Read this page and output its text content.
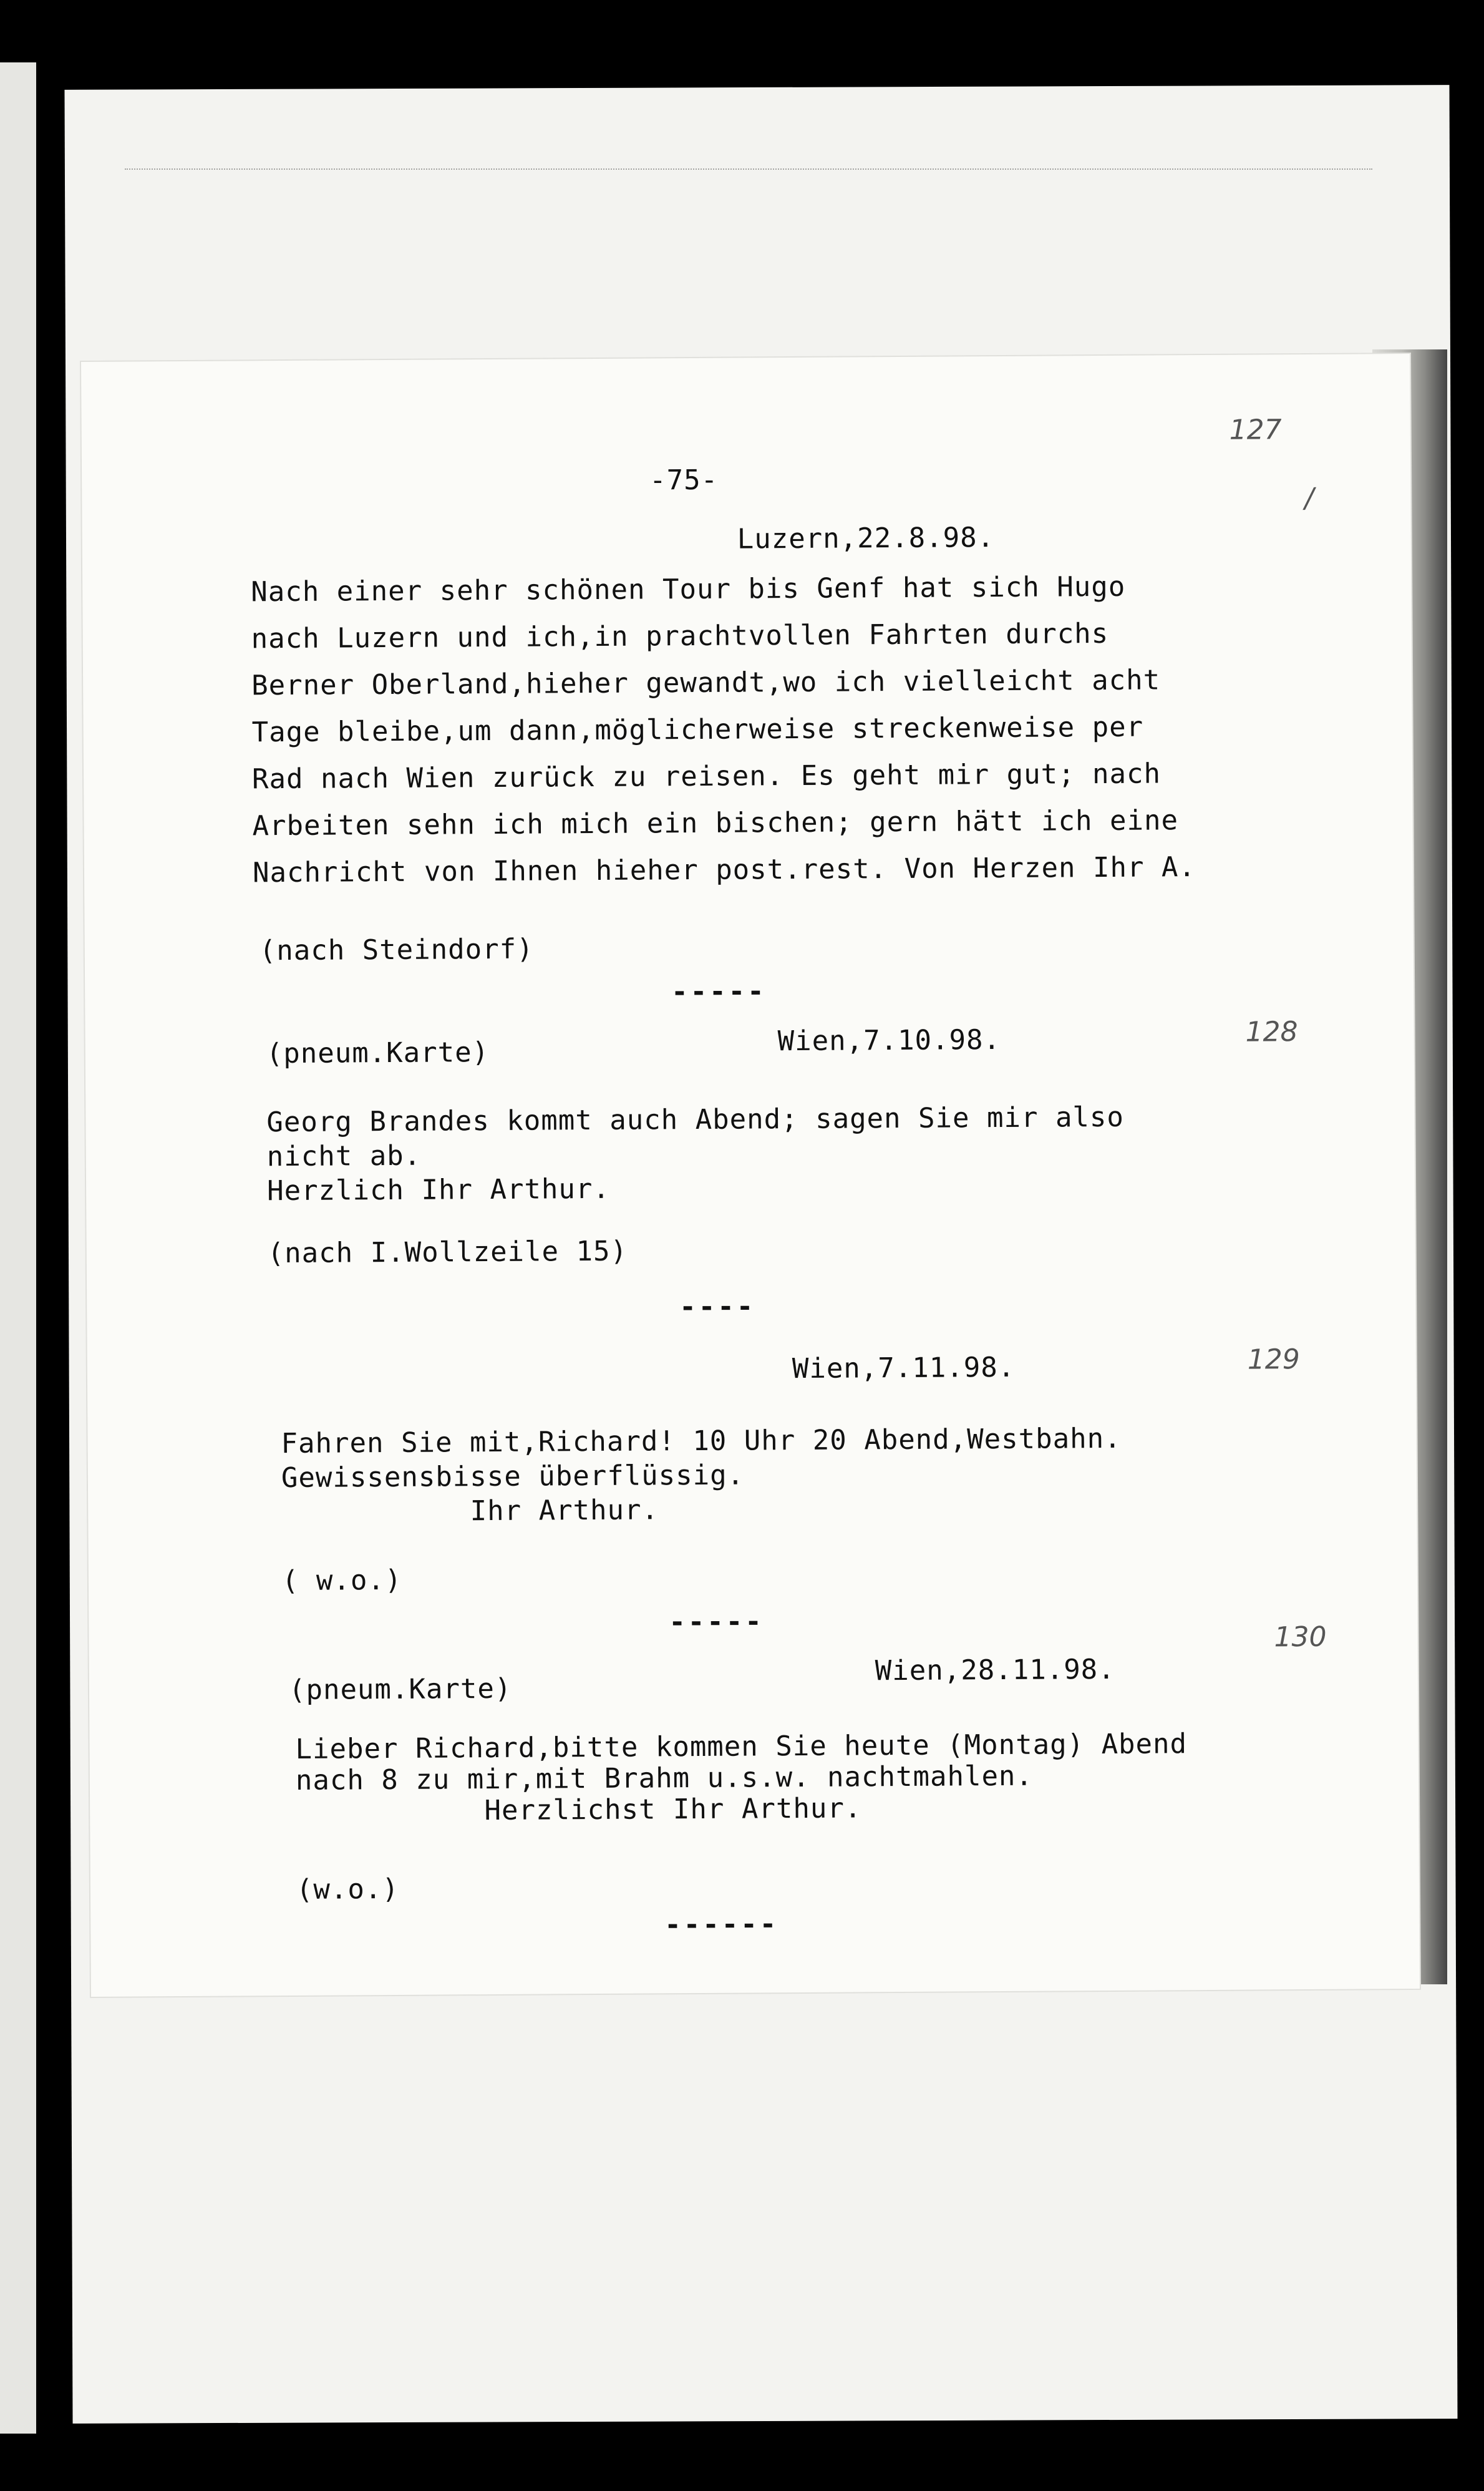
-75-
127
/
Luzern,22.8.98.
Nach einer sehr schönen Tour bis Genf hat sich Hugo
nach Luzern und ich,in prachtvollen Fahrten durchs
Berner Oberland,hieher gewandt,wo ich vielleicht acht
Tage bleibe,um dann,möglicherweise streckenweise per
Rad nach Wien zurück zu reisen. Es geht mir gut; nach
Arbeiten sehn ich mich ein bischen; gern hätt ich eine
Nachricht von Ihnen hieher post.rest. Von Herzen Ihr A.
(nach Steindorf)
-----
(pneum.Karte)	Wien,7.10.98.	128
Georg Brandes kommt auch Abend; sagen Sie mir also
nicht ab.
Herzlich Ihr Arthur.
(nach I.Wollzeile 15)
----
Wien,7.11.98.	129
Fahren Sie mit,Richard! 10 Uhr 20 Abend,Westbahn.
Gewissensbisse überflüssig.
Ihr Arthur.
( w.o.)
-----
(pneum.Karte)
Wien,28.11.98.
130
Lieber Richard,bitte kommen Sie heute (Montag) Abend
nach 8 zu mir,mit Brahm u.s.w. nachtmahlen.
Herzlichst Ihr Arthur.
(w.o.)
------
